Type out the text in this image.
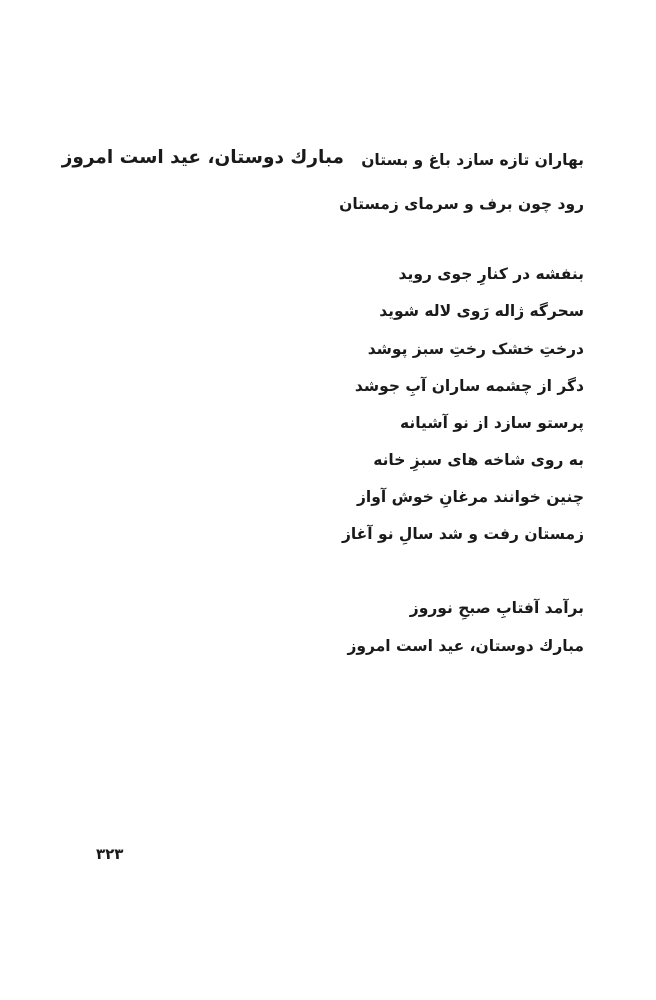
بهاران تازه سازد باغ و بستان
مبارك دوستان، عید است امروز
رود چون برف و سرمای زمستان
بنفشه در کنارِ جوی روید
سحرگه ژاله رَوی لاله شوید
درختِ خشک رختِ سبز پوشد
دگر از چشمه ساران آبِ جوشد
پرستو سازد از نو آشیانه
به روی شاخه های سبزِ خانه
چنین خوانند مرغانِ خوش آواز
زمستان رفت و شد سالِ نو آغاز
برآمد آفتابِ صبحِ نوروز
مبارك دوستان، عید است امروز
۳۲۳
